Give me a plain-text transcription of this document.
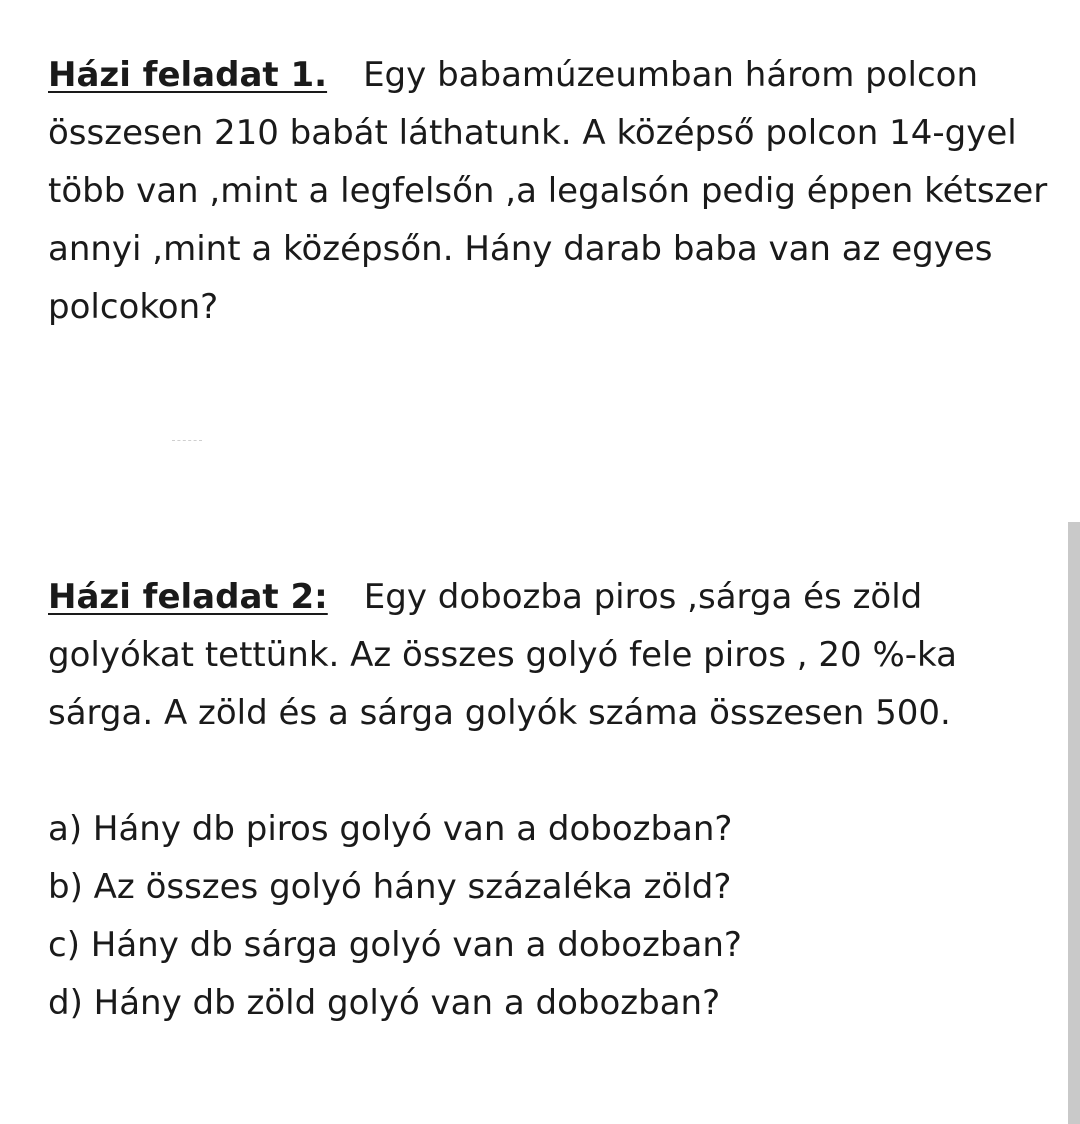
Házi feladat 1. Egy babamúzeumban három polcon összesen 210 babát láthatunk. A középső polcon 14-gyel több van ,mint a legfelsőn ,a legalsón pedig éppen kétszer annyi ,mint a középsőn. Hány darab baba van az egyes polcokon?
Házi feladat 2: Egy dobozba piros ,sárga és zöld golyókat tettünk. Az összes golyó fele piros , 20 %-ka sárga. A zöld és a sárga golyók száma összesen 500.
a) Hány db piros golyó van a dobozban?
b) Az összes golyó hány százaléka zöld?
c) Hány db sárga golyó van a dobozban?
d) Hány db zöld golyó van a dobozban?
